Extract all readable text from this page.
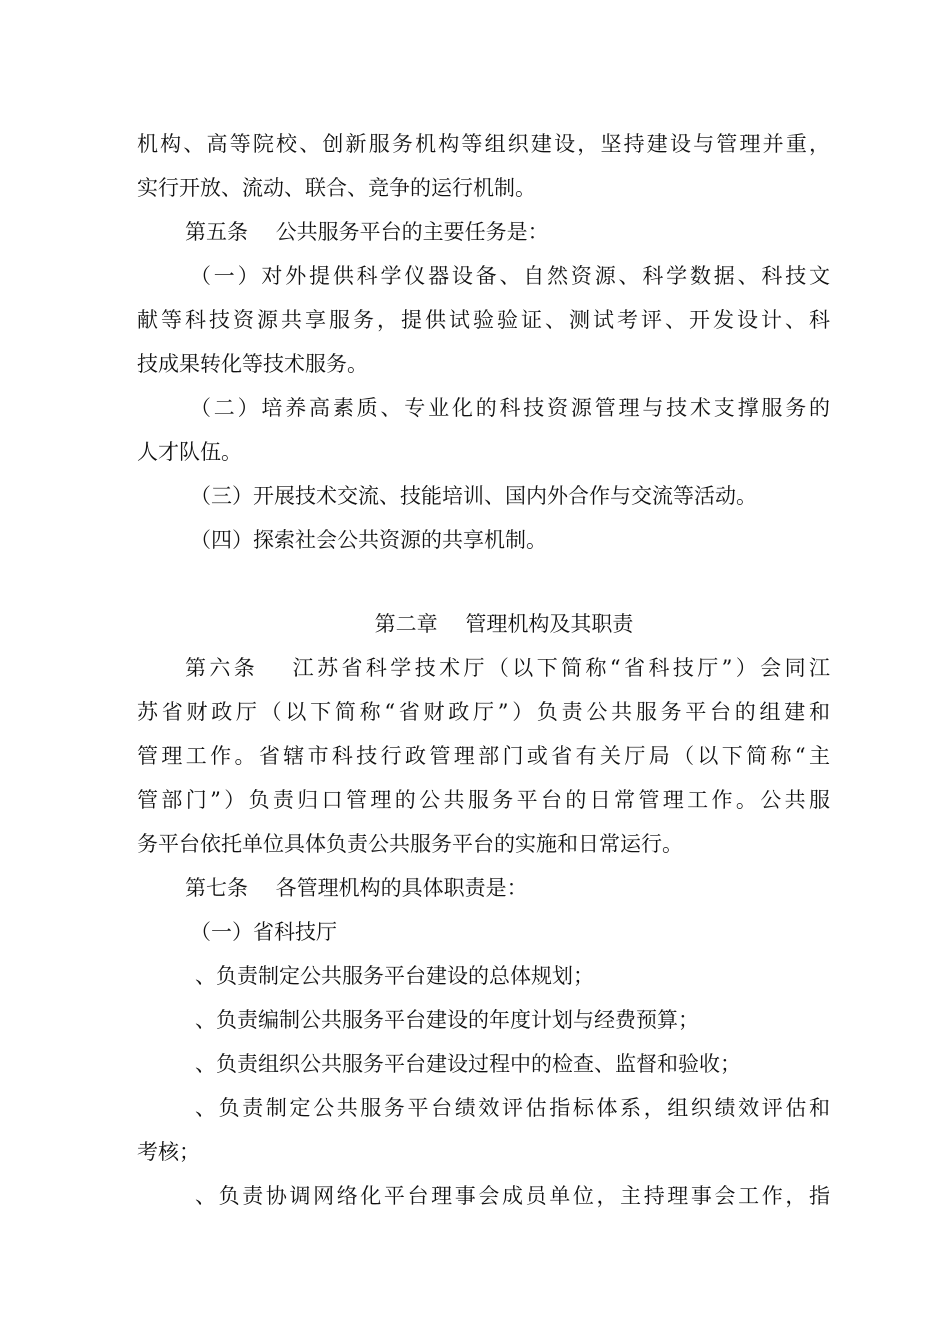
机构、高等院校、创新服务机构等组织建设，坚持建设与管理并重，
实行开放、流动、联合、竞争的运行机制。
第五条　 公共服务平台的主要任务是：
（一）对外提供科学仪器设备、自然资源、科学数据、科技文
献等科技资源共享服务，提供试验验证、测试考评、开发设计、科
技成果转化等技术服务。
（二）培养高素质、专业化的科技资源管理与技术支撑服务的
人才队伍。
（三）开展技术交流、技能培训、国内外合作与交流等活动。
（四）探索社会公共资源的共享机制。
第二章　 管理机构及其职责
第六条　 江苏省科学技术厅（以下简称“省科技厅”）会同江
苏省财政厅（以下简称“省财政厅”）负责公共服务平台的组建和
管理工作。省辖市科技行政管理部门或省有关厅局（以下简称“主
管部门”）负责归口管理的公共服务平台的日常管理工作。公共服
务平台依托单位具体负责公共服务平台的实施和日常运行。
第七条　 各管理机构的具体职责是：
（一）省科技厅
、负责制定公共服务平台建设的总体规划；
、负责编制公共服务平台建设的年度计划与经费预算；
、负责组织公共服务平台建设过程中的检查、监督和验收；
、负责制定公共服务平台绩效评估指标体系，组织绩效评估和
考核；
、负责协调网络化平台理事会成员单位，主持理事会工作，指
